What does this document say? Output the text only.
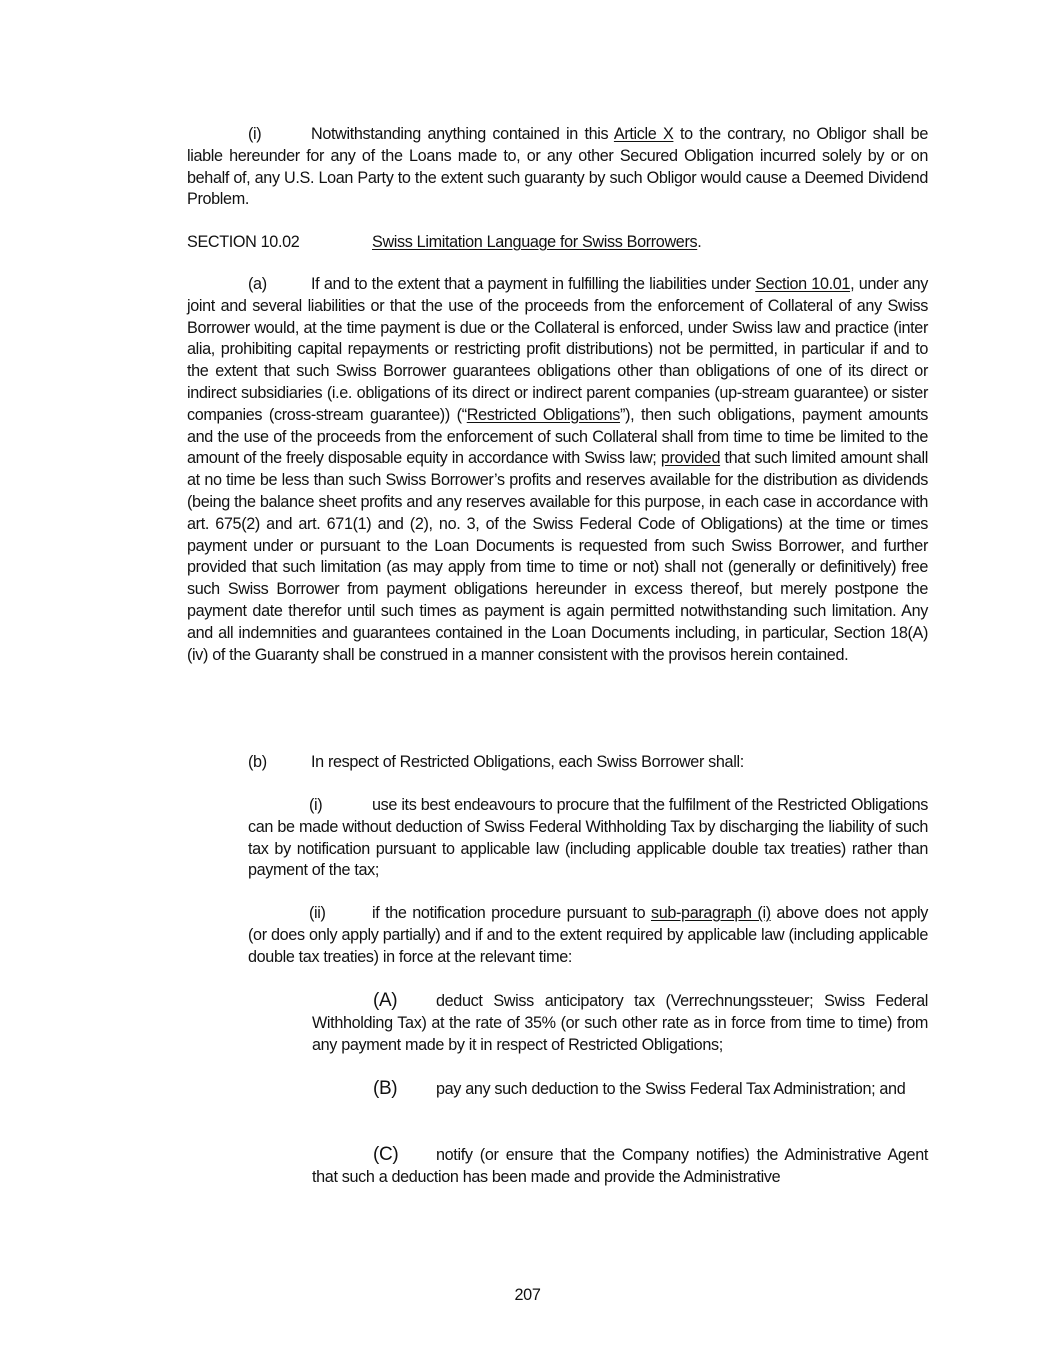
(i)	Notwithstanding anything contained in this Article X to the contrary, no Obligor shall be liable hereunder for any of the Loans made to, or any other Secured Obligation incurred solely by or on behalf of, any U.S. Loan Party to the extent such guaranty by such Obligor would cause a Deemed Dividend Problem.

SECTION 10.02	Swiss Limitation Language for Swiss Borrowers.

(a)	If and to the extent that a payment in fulfilling the liabilities under Section 10.01, under any joint and several liabilities or that the use of the proceeds from the enforcement of Collateral of any Swiss Borrower would, at the time payment is due or the Collateral is enforced, under Swiss law and practice (inter alia, prohibiting capital repayments or restricting profit distributions) not be permitted, in particular if and to the extent that such Swiss Borrower guarantees obligations other than obligations of one of its direct or indirect subsidiaries (i.e. obligations of its direct or indirect parent companies (up-stream guarantee) or sister companies (cross-stream guarantee)) (“Restricted Obligations”), then such obligations, payment amounts and the use of the proceeds from the enforcement of such Collateral shall from time to time be limited to the amount of the freely disposable equity in accordance with Swiss law; provided that such limited amount shall at no time be less than such Swiss Borrower’s profits and reserves available for the distribution as dividends (being the balance sheet profits and any reserves available for this purpose, in each case in accordance with art. 675(2) and art. 671(1) and (2), no. 3, of the Swiss Federal Code of Obligations) at the time or times payment under or pursuant to the Loan Documents is requested from such Swiss Borrower, and further provided that such limitation (as may apply from time to time or not) shall not (generally or definitively) free such Swiss Borrower from payment obligations hereunder in excess thereof, but merely postpone the payment date therefor until such times as payment is again permitted notwithstanding such limitation. Any and all indemnities and guarantees contained in the Loan Documents including, in particular, Section 18(A)(iv) of the Guaranty shall be construed in a manner consistent with the provisos herein contained.

(b)	In respect of Restricted Obligations, each Swiss Borrower shall:

(i)	use its best endeavours to procure that the fulfilment of the Restricted Obligations can be made without deduction of Swiss Federal Withholding Tax by discharging the liability of such tax by notification pursuant to applicable law (including applicable double tax treaties) rather than payment of the tax;

(ii)	if the notification procedure pursuant to sub-paragraph (i) above does not apply (or does only apply partially) and if and to the extent required by applicable law (including applicable double tax treaties) in force at the relevant time:

(A) deduct Swiss anticipatory tax (Verrechnungssteuer; Swiss Federal Withholding Tax) at the rate of 35% (or such other rate as in force from time to time) from any payment made by it in respect of Restricted Obligations;

(B) pay any such deduction to the Swiss Federal Tax Administration; and

(C) notify (or ensure that the Company notifies) the Administrative Agent that such a deduction has been made and provide the Administrative

207
